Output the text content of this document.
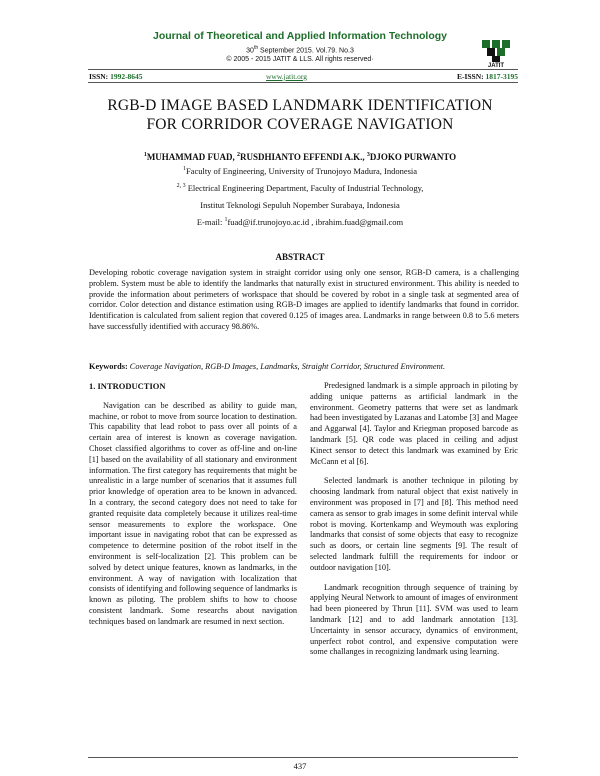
Journal of Theoretical and Applied Information Technology
30th September 2015. Vol.79. No.3
© 2005 - 2015 JATIT & LLS. All rights reserved·
JATIT
ISSN: 1992-8645	www.jatit.org	E-ISSN: 1817-3195
RGB-D IMAGE BASED LANDMARK IDENTIFICATION
FOR CORRIDOR COVERAGE NAVIGATION
$^1$MUHAMMAD FUAD, $^2$RUSDHIANTO EFFENDI A.K., $^3$DJOKO PURWANTO
$^1$Faculty of Engineering, University of Trunojoyo Madura, Indonesia
$^{2, 3}$ Electrical Engineering Department, Faculty of Industrial Technology,
Institut Teknologi Sepuluh Nopember Surabaya, Indonesia
E-mail: $^1$fuad@if.trunojoyo.ac.id , ibrahim.fuad@gmail.com
ABSTRACT
Developing robotic coverage navigation system in straight corridor using only one sensor, RGB-D camera, is a challenging problem. System must be able to identify the landmarks that naturally exist in structured environment. This ability is needed to provide the information about perimeters of workspace that should be covered by robot in a single task at segmented area of corridor. Color detection and distance estimation using RGB-D images are applied to identify landmarks that found in corridor. Identification is calculated from salient region that covered 0.125 of images area. Landmarks in range between 0.8 to 5.6 meters have successfully identified with accuracy 98.86%.
Keywords: Coverage Navigation, RGB-D Images, Landmarks, Straight Corridor, Structured Environment.

1. INTRODUCTION

Navigation can be described as ability to guide man, machine, or robot to move from source location to destination. This capability that lead robot to pass over all points of a certain area of interest is known as coverage navigation. Choset classified algorithms to cover as off-line and on-line [1] based on the availability of all stationary and environment information. The first category has requirements that might be unrealistic in a large number of scenarios that it assumes full prior knowledge of operation area to be known in advanced. In a contrary, the second category does not need to take for granted requisite data completely because it utilizes real-time sensor measurements to explore the workspace. One important issue in navigating robot that can be expressed as competence to determine position of the robot itself in the environment is self-localization [2]. This problem can be solved by detect unique features, known as landmarks, in the environment. A way of navigation with localization that consists of identifying and following sequence of landmarks is known as piloting. The problem shifts to how to choose consistent landmark. Some researchs about navigation techniques based on landmark are resumed in next section.

Predesigned landmark is a simple approach in piloting by adding unique patterns as artificial landmark in the environment. Geometry patterns that were set as landmark had been investigated by Lazanas and Latombe [3] and Magee and Aggarwal [4]. Taylor and Kriegman proposed barcode as landmark [5]. QR code was placed in ceiling and adjust Kinect sensor to detect this landmark was examined by Eric McCann et al [6].

Selected landmark is another technique in piloting by choosing landmark from natural object that exist natively in environment was proposed in [7] and [8]. This method need camera as sensor to grab images in some definit interval while robot is moving. Kortenkamp and Weymouth was exploring landmarks that consist of some objects that easy to recognize such as doors, or certain line segments [9]. The result of selected landmark fulfill the requirements for indoor or outdoor navigation [10].

Landmark recognition through sequence of training by applying Neural Network to amount of images of environment had been pioneered by Thrun [11]. SVM was used to learn landmark [12] and to add landmark annotation [13]. Uncertainty in sensor accuracy, dynamics of environment, unperfect robot control, and expensive computation were some challanges in recognizing landmark using learning.

437
